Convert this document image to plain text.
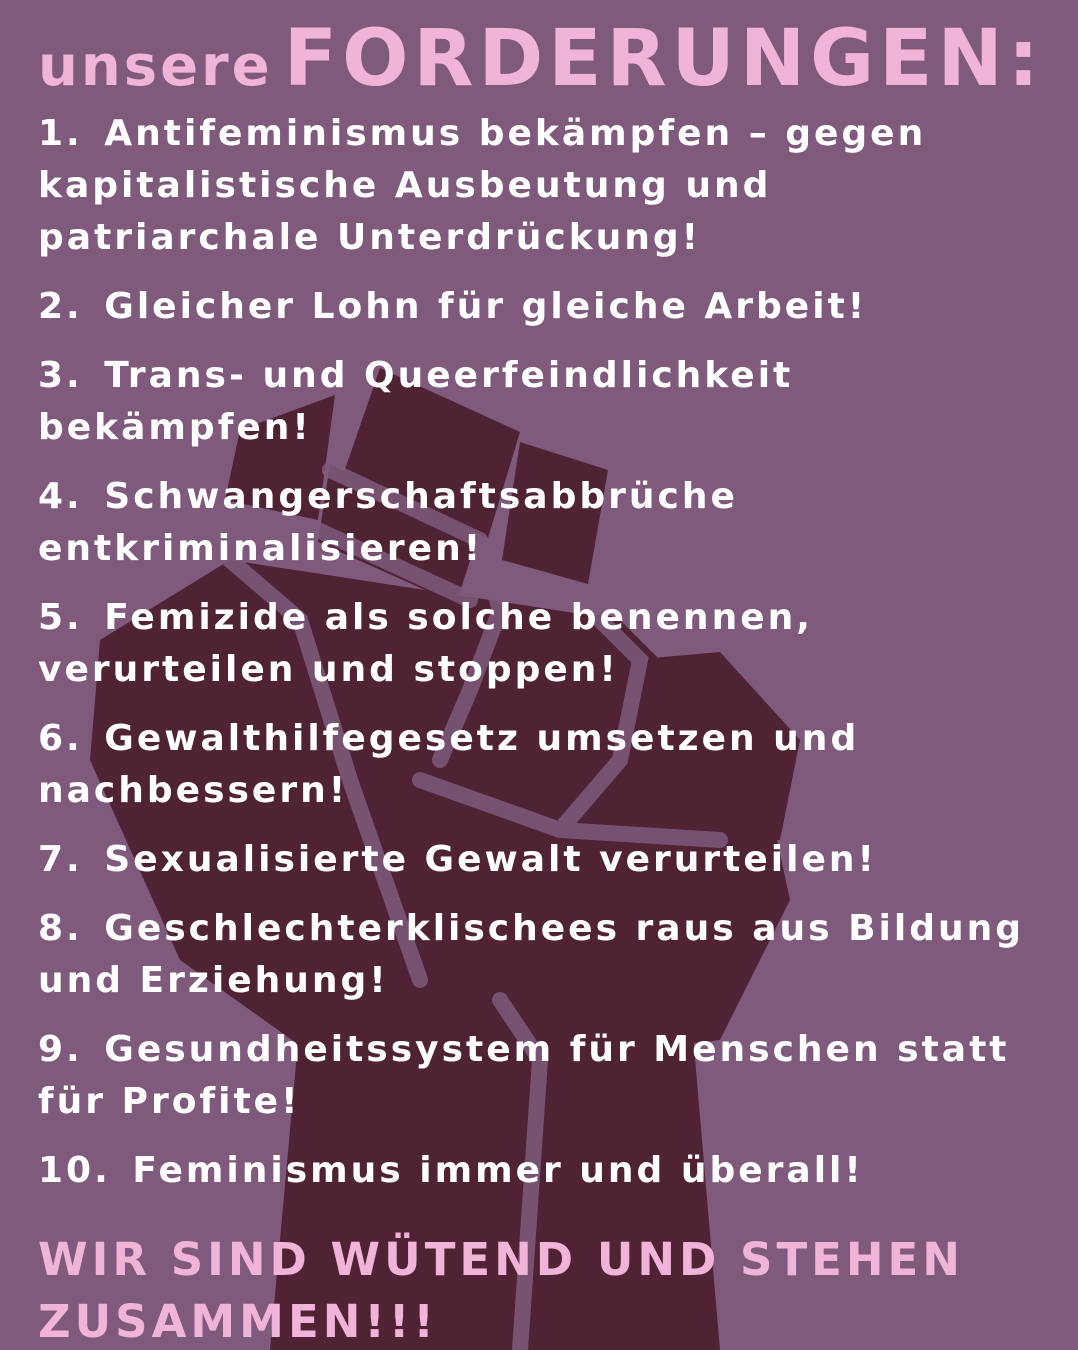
unsere FORDERUNGEN:
1. Antifeminismus bekämpfen – gegen kapitalistische Ausbeutung und patriarchale Unterdrückung!
2. Gleicher Lohn für gleiche Arbeit!
3. Trans- und Queerfeindlichkeit bekämpfen!
4. Schwangerschaftsabbrüche entkriminalisieren!
5. Femizide als solche benennen, verurteilen und stoppen!
6. Gewalthilfegesetz umsetzen und nachbessern!
7. Sexualisierte Gewalt verurteilen!
8. Geschlechterklischees raus aus Bildung und Erziehung!
9. Gesundheitssystem für Menschen statt für Profite!
10. Feminismus immer und überall!
WIR SIND WÜTEND UND STEHEN ZUSAMMEN!!!
